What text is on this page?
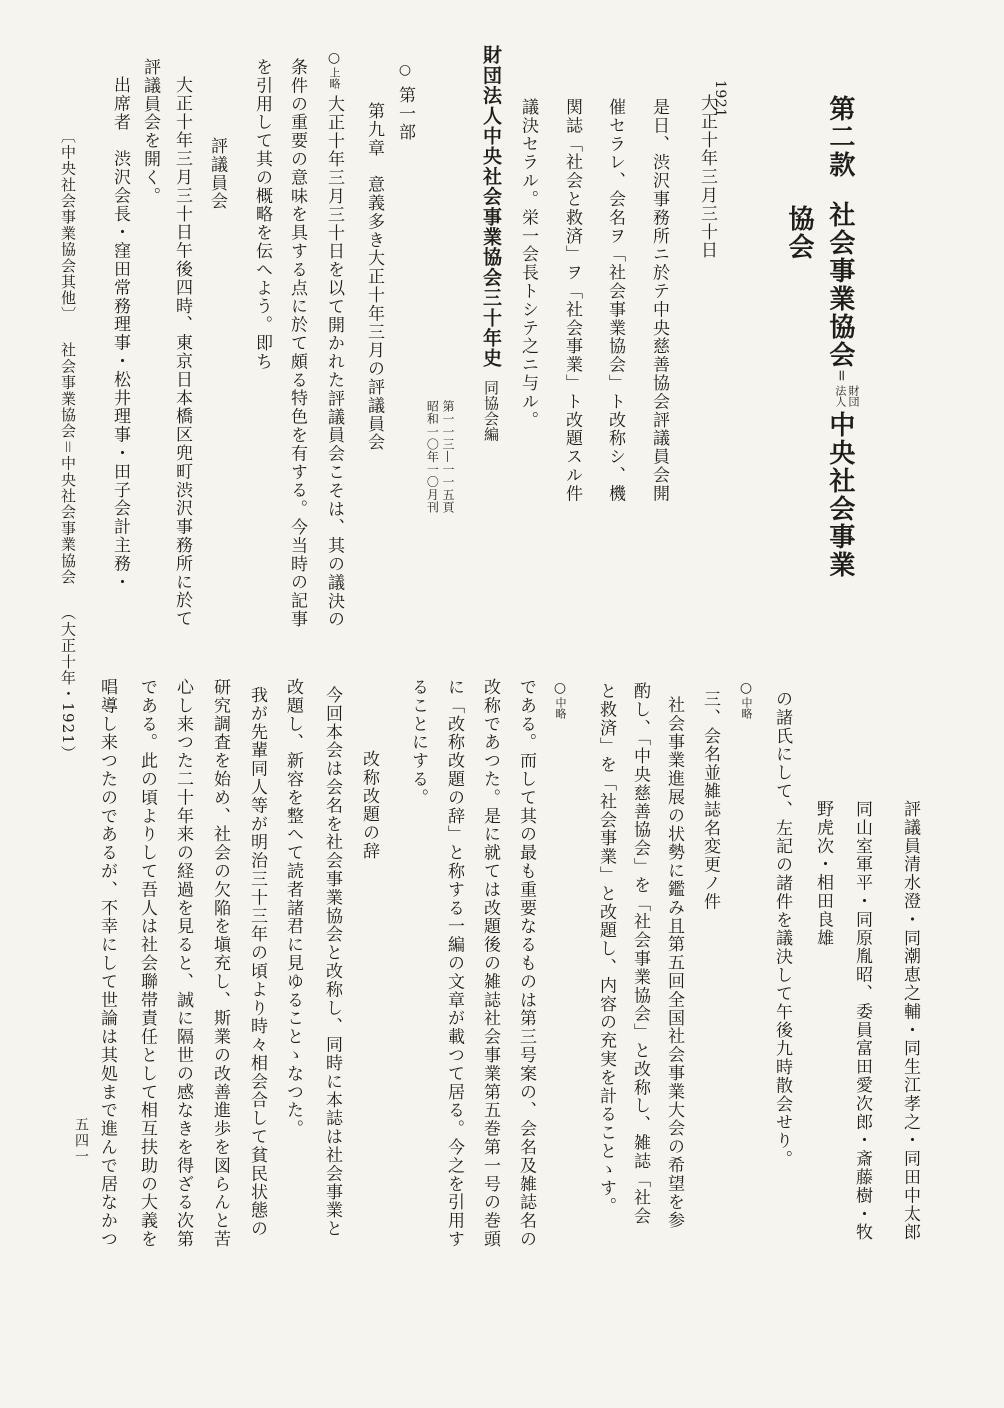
第二款社会事業協会＝
財団
法人
中央社会事業
協会
1921
大正十年三月三十日
是日、渋沢事務所ニ於テ中央慈善協会評議員会開
催セラレ、会名ヲ「社会事業協会」ト改称シ、機
関誌「社会と救済」ヲ「社会事業」ト改題スル件
議決セラル。栄一会長トシテ之ニ与ル。
財団法人中央社会事業協会三十年史同協会編
第一一三—一一五頁
昭和一〇年一〇月刊
○第一部
第九章　意義多き大正十年三月の評議員会
○上略大正十年三月三十日を以て開かれた評議員会こそは、其の議決の
条件の重要の意味を具する点に於て頗る特色を有する。今当時の記事
を引用して其の概略を伝へよう。即ち
評議員会
大正十年三月三十日午後四時、東京日本橋区兜町渋沢事務所に於て
評議員会を開く。
出席者　渋沢会長・窪田常務理事・松井理事・田子会計主務・
〔中央社会事業協会其他〕社会事業協会＝中央社会事業協会（大正十年・1921）
評議員清水澄・同潮恵之輔・同生江孝之・同田中太郎
同山室軍平・同原胤昭、委員富田愛次郎・斎藤樹・牧
野虎次・相田良雄
の諸氏にして、左記の諸件を議決して午後九時散会せり。
○中略
三、会名並雑誌名変更ノ件
社会事業進展の状勢に鑑み且第五回全国社会事業大会の希望を参
酌し、「中央慈善協会」を「社会事業協会」と改称し、雑誌「社会
と救済」を「社会事業」と改題し、内容の充実を計ることゝす。
○中略
である。而して其の最も重要なるものは第三号案の、会名及雑誌名の
改称であつた。是に就ては改題後の雑誌社会事業第五巻第一号の巻頭
に「改称改題の辞」と称する一編の文章が載つて居る。今之を引用す
ることにする。
改称改題の辞
今回本会は会名を社会事業協会と改称し、同時に本誌は社会事業と
改題し、新容を整へて読者諸君に見ゆることゝなつた。
我が先輩同人等が明治三十三年の頃より時々相会合して貧民状態の
研究調査を始め、社会の欠陥を塡充し、斯業の改善進歩を図らんと苦
心し来つた二十年来の経過を見ると、誠に隔世の感なきを得ざる次第
である。此の頃よりして吾人は社会聯帯責任として相互扶助の大義を
唱導し来つたのであるが、不幸にして世論は其処まで進んで居なかつ
五四一
